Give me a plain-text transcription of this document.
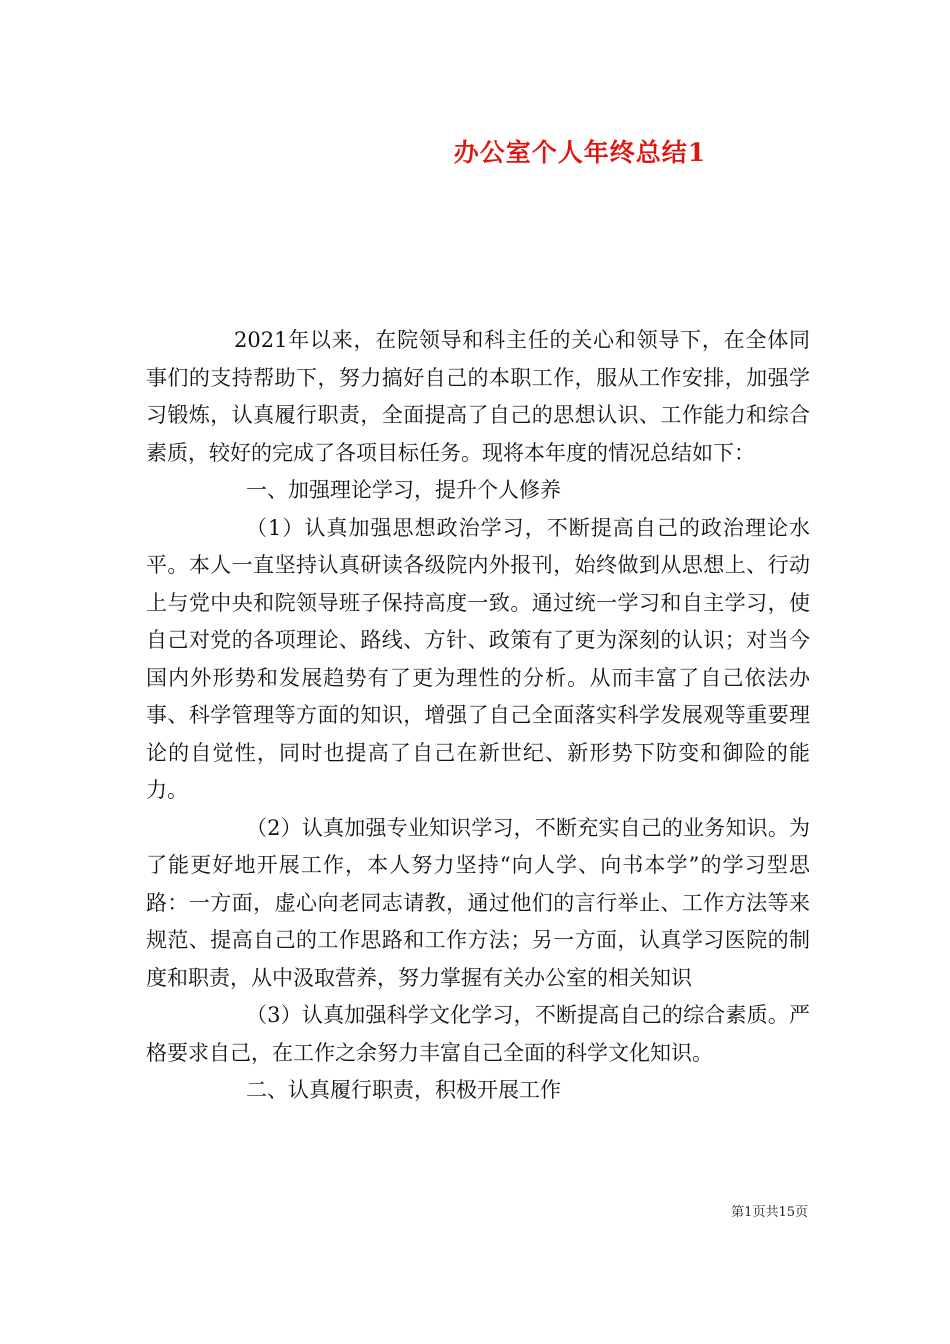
办公室个人年终总结1

2021年以来，在院领导和科主任的关心和领导下，在全体同事们的支持帮助下，努力搞好自己的本职工作，服从工作安排，加强学习锻炼，认真履行职责，全面提高了自己的思想认识、工作能力和综合素质，较好的完成了各项目标任务。现将本年度的情况总结如下：

一、加强理论学习，提升个人修养

（1）认真加强思想政治学习，不断提高自己的政治理论水平。本人一直坚持认真研读各级院内外报刊，始终做到从思想上、行动上与党中央和院领导班子保持高度一致。通过统一学习和自主学习，使自己对党的各项理论、路线、方针、政策有了更为深刻的认识；对当今国内外形势和发展趋势有了更为理性的分析。从而丰富了自己依法办事、科学管理等方面的知识，增强了自己全面落实科学发展观等重要理论的自觉性，同时也提高了自己在新世纪、新形势下防变和御险的能力。

（2）认真加强专业知识学习，不断充实自己的业务知识。为了能更好地开展工作，本人努力坚持“向人学、向书本学”的学习型思路：一方面，虚心向老同志请教，通过他们的言行举止、工作方法等来规范、提高自己的工作思路和工作方法；另一方面，认真学习医院的制度和职责，从中汲取营养，努力掌握有关办公室的相关知识

（3）认真加强科学文化学习，不断提高自己的综合素质。严格要求自己，在工作之余努力丰富自己全面的科学文化知识。

二、认真履行职责，积极开展工作

第1页共15页
